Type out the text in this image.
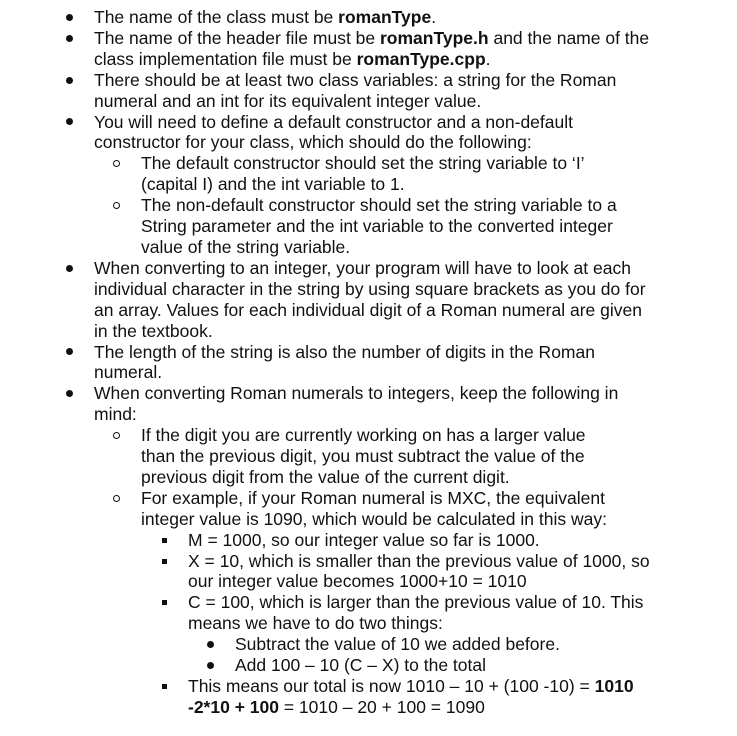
The name of the class must be romanType.
The name of the header file must be romanType.h and the name of the class implementation file must be romanType.cpp.
There should be at least two class variables: a string for the Roman numeral and an int for its equivalent integer value.
You will need to define a default constructor and a non-default constructor for your class, which should do the following:
The default constructor should set the string variable to ‘I’ (capital I) and the int variable to 1.
The non-default constructor should set the string variable to a String parameter and the int variable to the converted integer value of the string variable.
When converting to an integer, your program will have to look at each individual character in the string by using square brackets as you do for an array. Values for each individual digit of a Roman numeral are given in the textbook.
The length of the string is also the number of digits in the Roman numeral.
When converting Roman numerals to integers, keep the following in mind:
If the digit you are currently working on has a larger value than the previous digit, you must subtract the value of the previous digit from the value of the current digit.
For example, if your Roman numeral is MXC, the equivalent integer value is 1090, which would be calculated in this way:
M = 1000, so our integer value so far is 1000.
X = 10, which is smaller than the previous value of 1000, so our integer value becomes 1000+10 = 1010
C = 100, which is larger than the previous value of 10. This means we have to do two things:
Subtract the value of 10 we added before.
Add 100 – 10 (C – X) to the total
This means our total is now 1010 – 10 + (100 -10) = 1010 -2*10 + 100 = 1010 – 20 + 100 = 1090
